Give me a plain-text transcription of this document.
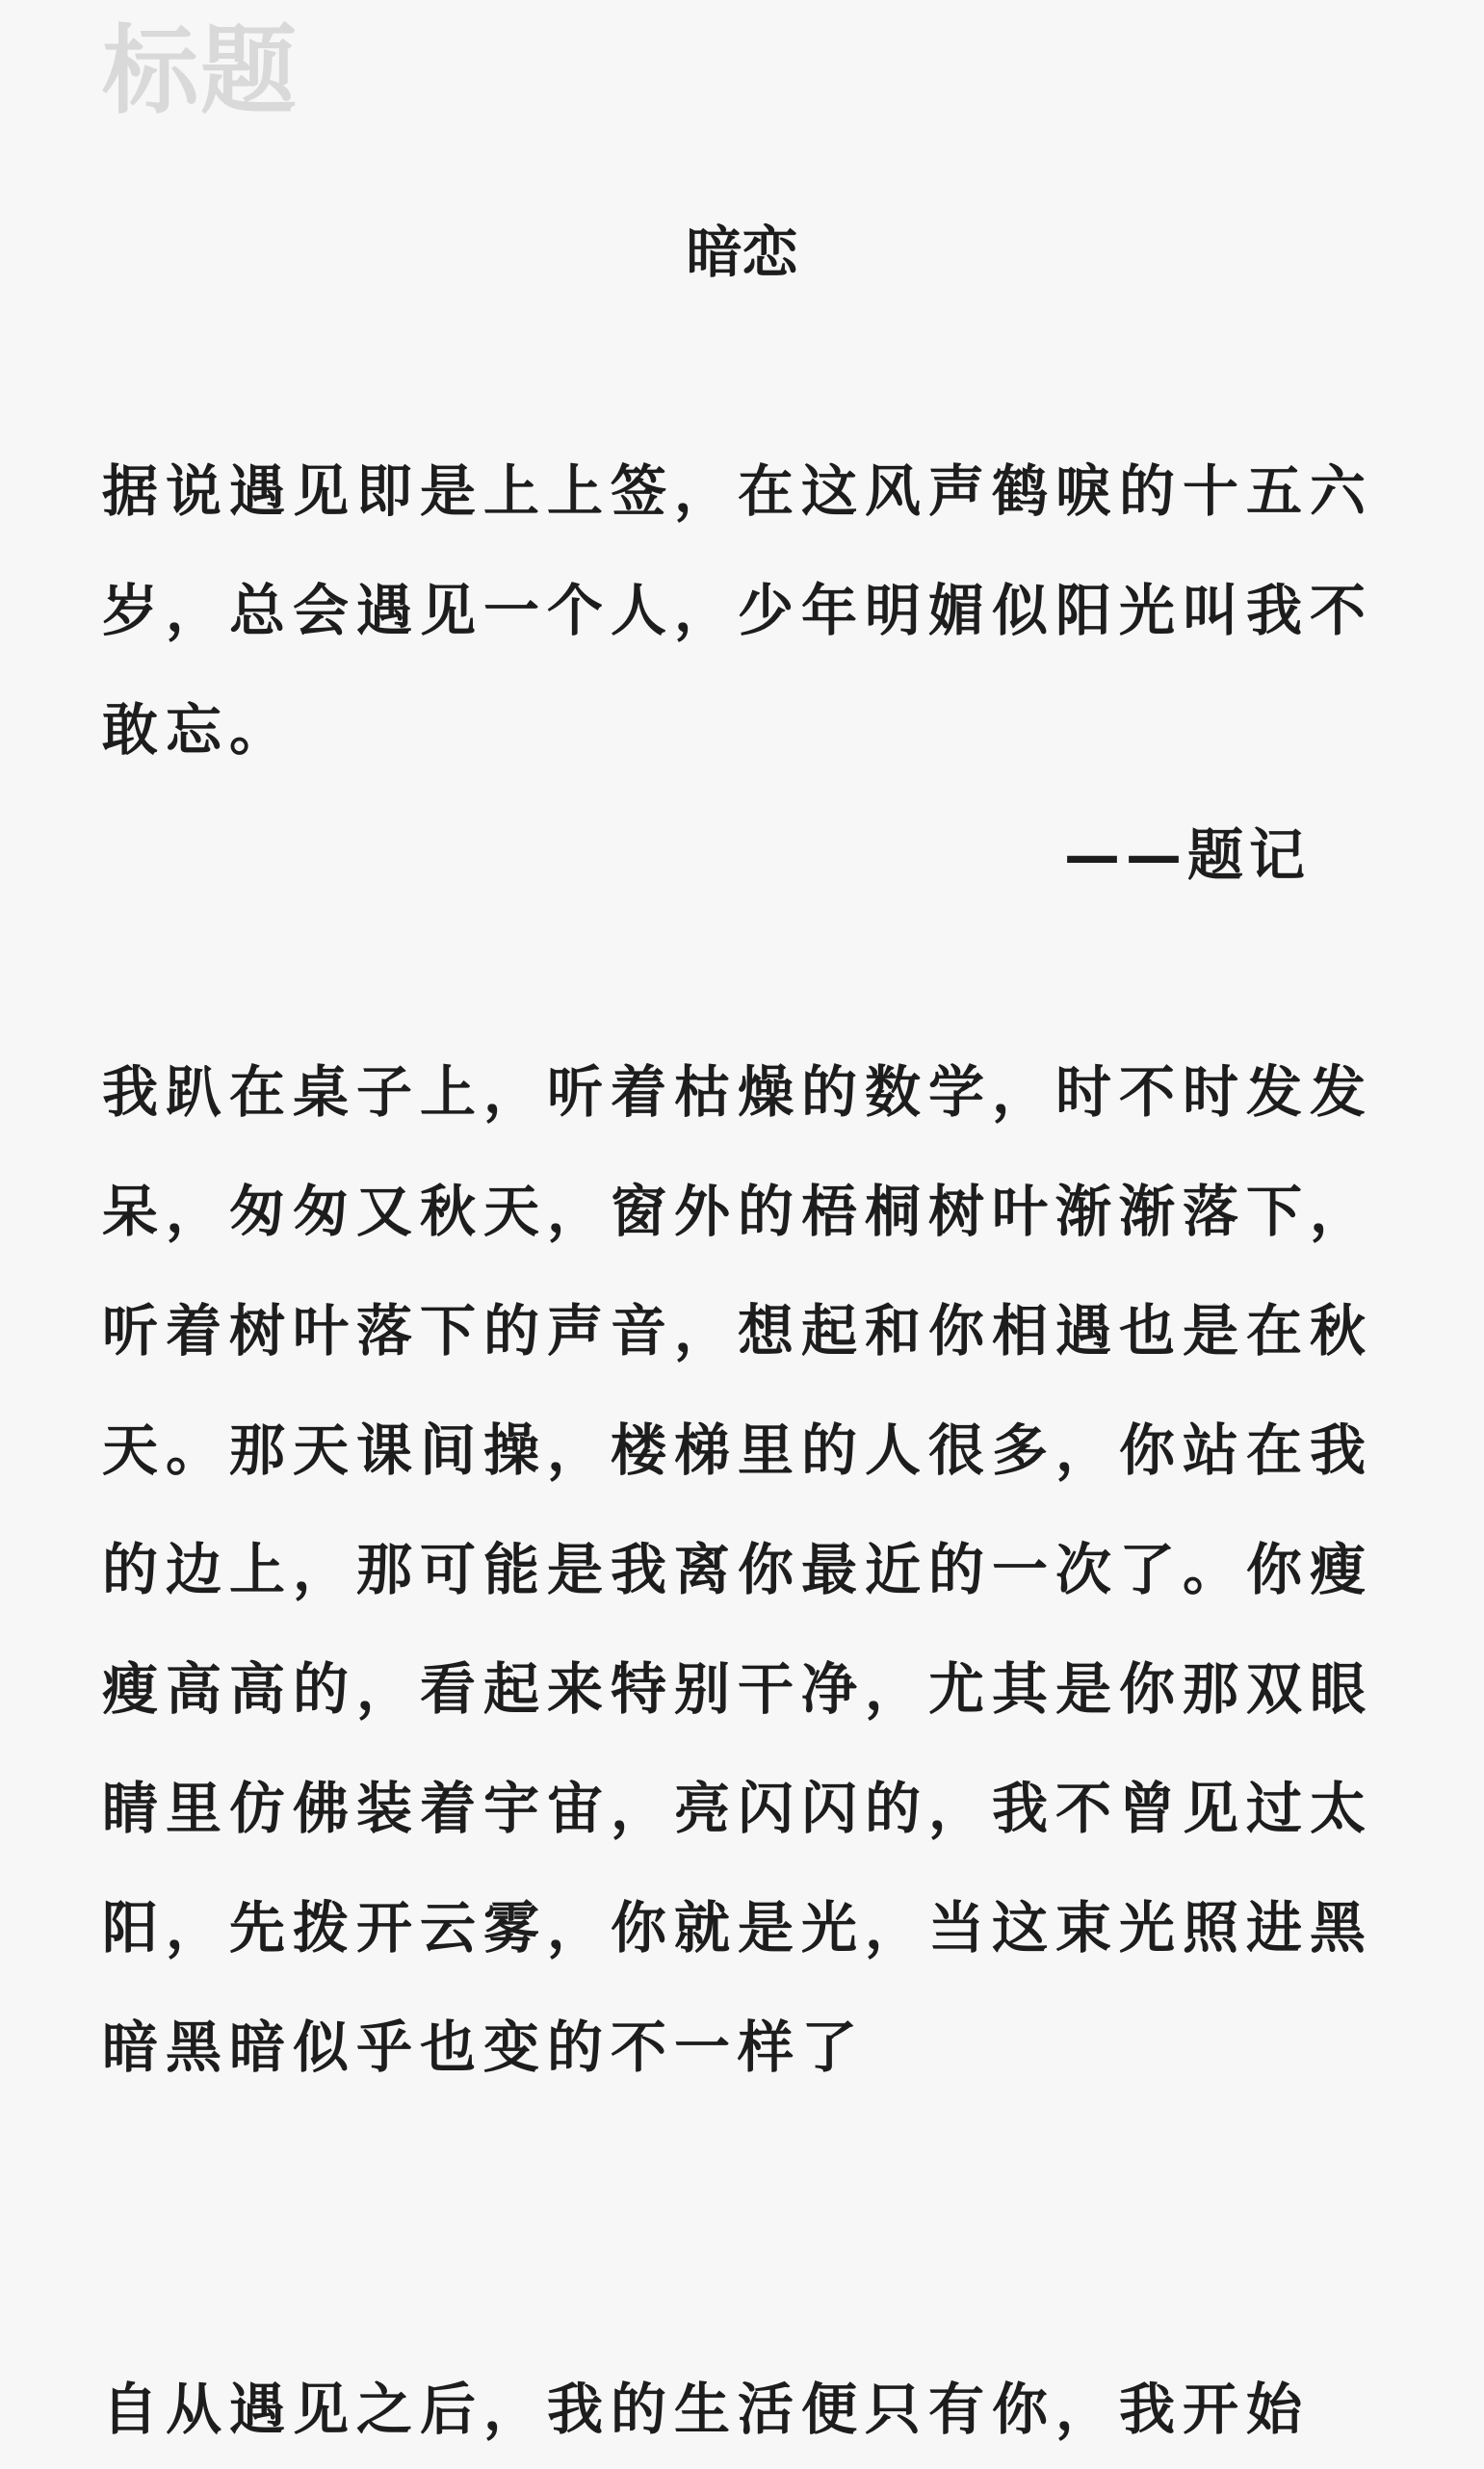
标题
暗恋

据说遇见即是上上签，在这风声鹤唳的十五六岁，总会遇见一个人，少年明媚似阳光叫我不敢忘。

——题记

我趴在桌子上，听着枯燥的数学，时不时发发呆，匆匆又秋天，窗外的梧桐树叶渐渐落下，听着树叶落下的声音，想起和你相遇也是在秋天。那天课间操，楼梯里的人很多，你站在我的边上，那可能是我离你最近的一次了。你瘦瘦高高的，看起来特别干净，尤其是你那双眼睛里仿佛装着宇宙，亮闪闪的，我不曾见过太阳，先拨开云雾，你就是光，当这束光照进黑暗黑暗似乎也变的不一样了

自从遇见之后，我的生活便只有你，我开始
